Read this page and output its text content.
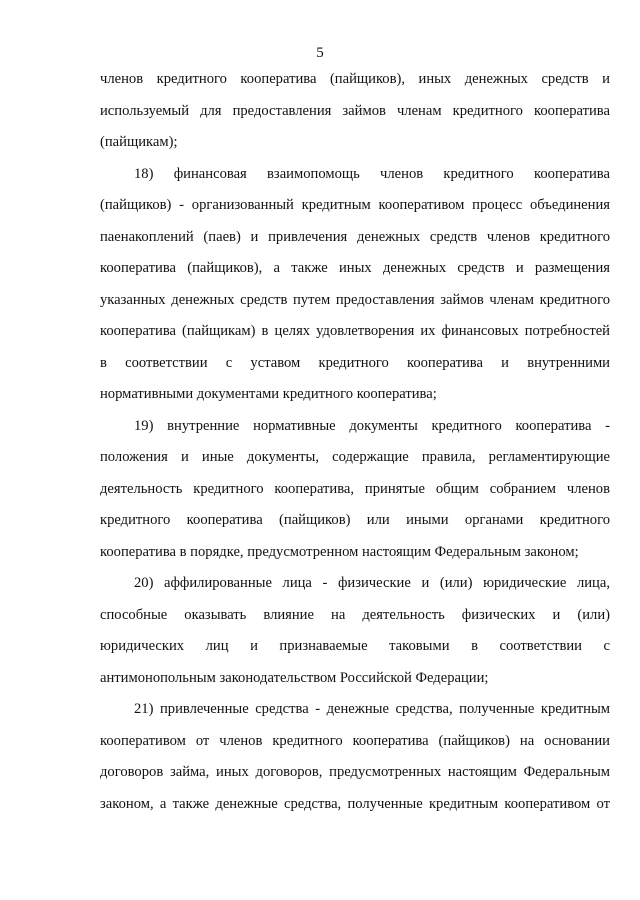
5
членов кредитного кооператива (пайщиков), иных денежных средств и
используемый для предоставления займов членам кредитного кооператива
(пайщикам);
18) финансовая взаимопомощь членов кредитного кооператива
(пайщиков) - организованный кредитным кооперативом процесс объединения
паенакоплений (паев) и привлечения денежных средств членов кредитного
кооператива (пайщиков), а также иных денежных средств и размещения
указанных денежных средств путем предоставления займов членам кредитного
кооператива (пайщикам) в целях удовлетворения их финансовых потребностей
в соответствии с уставом кредитного кооператива и внутренними
нормативными документами кредитного кооператива;
19) внутренние нормативные документы кредитного кооператива -
положения и иные документы, содержащие правила, регламентирующие
деятельность кредитного кооператива, принятые общим собранием членов
кредитного кооператива (пайщиков) или иными органами кредитного
кооператива в порядке, предусмотренном настоящим Федеральным законом;
20) аффилированные лица - физические и (или) юридические лица,
способные оказывать влияние на деятельность физических и (или)
юридических лиц и признаваемые таковыми в соответствии с
антимонопольным законодательством Российской Федерации;
21) привлеченные средства - денежные средства, полученные кредитным
кооперативом от членов кредитного кооператива (пайщиков) на основании
договоров займа, иных договоров, предусмотренных настоящим Федеральным
законом, а также денежные средства, полученные кредитным кооперативом от
